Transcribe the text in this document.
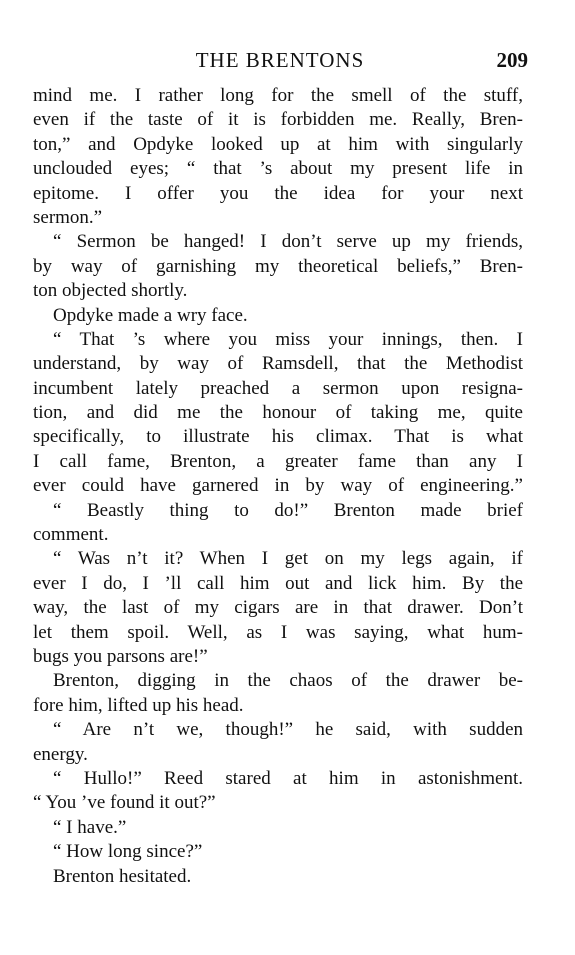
THE BRENTONS	209
mind me. I rather long for the smell of the stuff,
even if the taste of it is forbidden me. Really, Bren-
ton,” and Opdyke looked up at him with singularly
unclouded eyes; “ that ’s about my present life in
epitome. I offer you the idea for your next
sermon.”
“ Sermon be hanged! I don’t serve up my friends,
by way of garnishing my theoretical beliefs,” Bren-
ton objected shortly.
Opdyke made a wry face.
“ That ’s where you miss your innings, then. I
understand, by way of Ramsdell, that the Methodist
incumbent lately preached a sermon upon resigna-
tion, and did me the honour of taking me, quite
specifically, to illustrate his climax. That is what
I call fame, Brenton, a greater fame than any I
ever could have garnered in by way of engineering.”
“ Beastly thing to do!” Brenton made brief
comment.
“ Was n’t it? When I get on my legs again, if
ever I do, I ’ll call him out and lick him. By the
way, the last of my cigars are in that drawer. Don’t
let them spoil. Well, as I was saying, what hum-
bugs you parsons are!”
Brenton, digging in the chaos of the drawer be-
fore him, lifted up his head.
“ Are n’t we, though!” he said, with sudden
energy.
“ Hullo!” Reed stared at him in astonishment.
“ You ’ve found it out?”
“ I have.”
“ How long since?”
Brenton hesitated.
